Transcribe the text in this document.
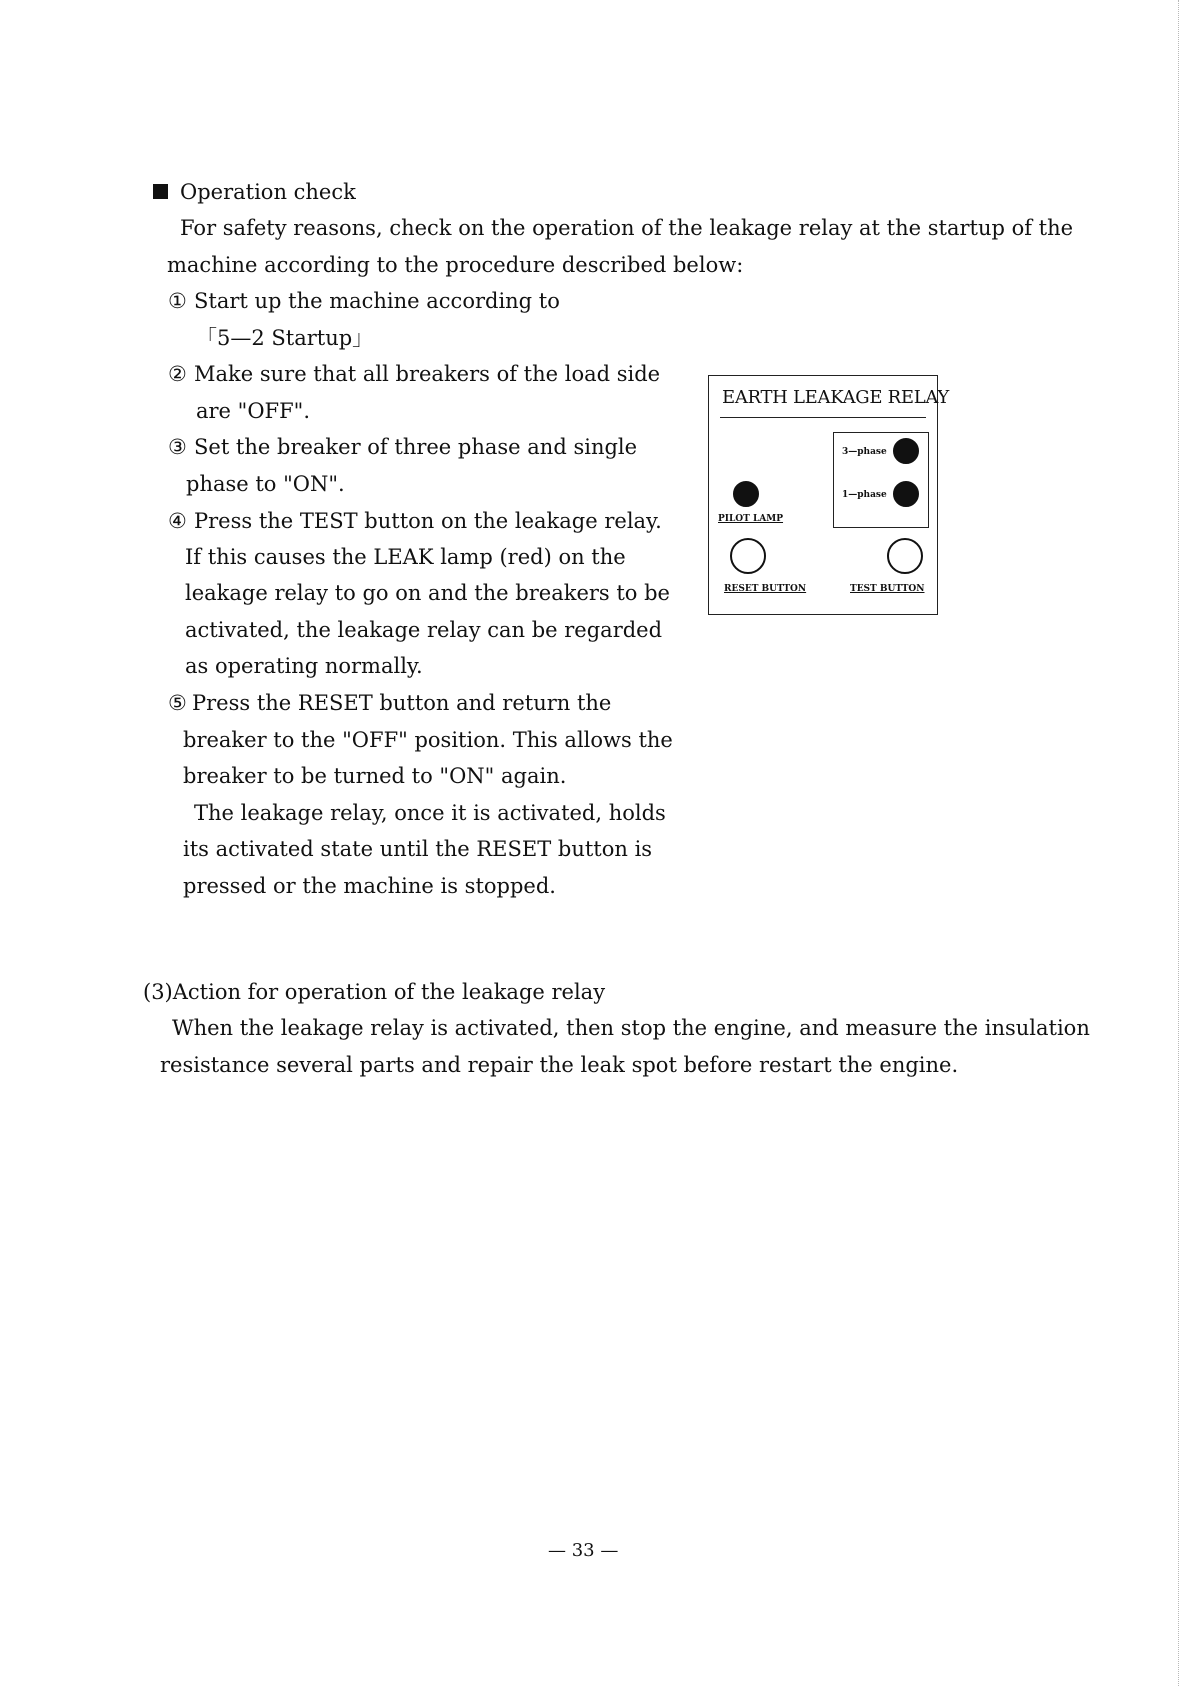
Operation check
For safety reasons, check on the operation of the leakage relay at the startup of the
machine according to the procedure described below:
① Start up the machine according to
「5—2 Startup」
② Make sure that all breakers of the load side
are "OFF".
③ Set the breaker of three phase and single
phase to "ON".
④ Press the TEST button on the leakage relay.
If this causes the LEAK lamp (red) on the
leakage relay to go on and the breakers to be
activated, the leakage relay can be regarded
as operating normally.
⑤ Press the RESET button and return the
breaker to the "OFF" position. This allows the
breaker to be turned to "ON" again.
The leakage relay, once it is activated, holds
its activated state until the RESET button is
pressed or the machine is stopped.
EARTH LEAKAGE RELAY
3—phase
1—phase
PILOT LAMP
RESET BUTTON	TEST BUTTON
(3)Action for operation of the leakage relay
When the leakage relay is activated, then stop the engine, and measure the insulation
resistance several parts and repair the leak spot before restart the engine.
— 33 —
